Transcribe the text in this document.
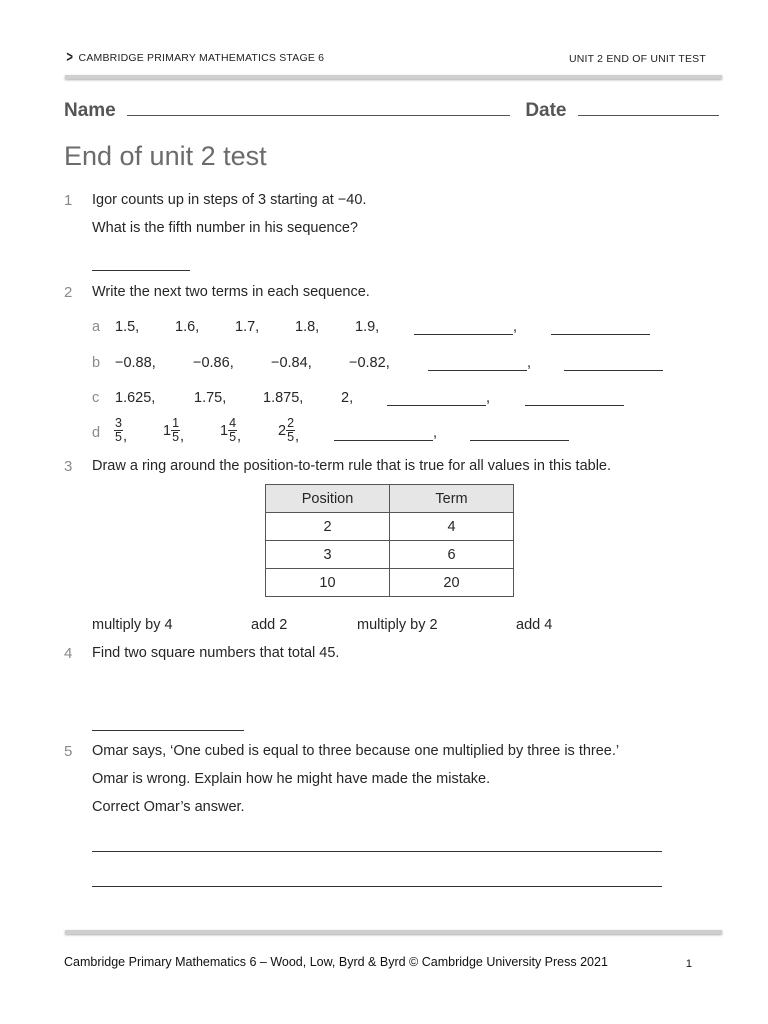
> CAMBRIDGE PRIMARY MATHEMATICS STAGE 6	UNIT 2 END OF UNIT TEST
Name	Date
End of unit 2 test
1 Igor counts up in steps of 3 starting at −40.
What is the fifth number in his sequence?
2 Write the next two terms in each sequence.
a 1.5, 1.6, 1.7, 1.8, 1.9,	,
b −0.88,	−0.86,	−0.84,	−0.82,	,
c 1.625,	1.75,	1.875,	2,	,
d $\frac{3}{5}$ , $1 \frac{1}{5}$ , $1 \frac{4}{5}$ ,	$2 \frac{2}{5}$ ,	,
3 Draw a ring around the position-to-term rule that is true for all values in this table.
Position	Term
2	4
3	6
10	20
multiply by 4	add 2	multiply by 2	add 4
4 Find two square numbers that total 45.
5 Omar says, ‘One cubed is equal to three because one multiplied by three is three.’
Omar is wrong. Explain how he might have made the mistake.
Correct Omar’s answer.
Cambridge Primary Mathematics 6 – Wood, Low, Byrd & Byrd © Cambridge University Press 2021	1
